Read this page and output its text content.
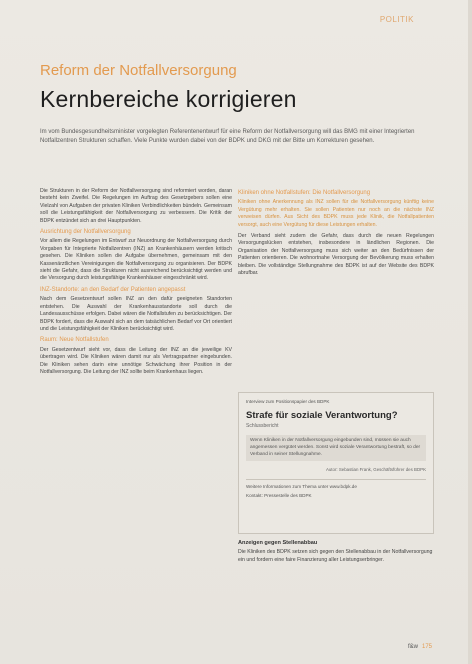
POLITIK
Reform der Notfallversorgung
Kernbereiche korrigieren

Im vom Bundesgesundheitsminister vorgelegten Referentenentwurf für eine Reform der Notfallversorgung will das BMG mit einer Integrierten Notfallzentren Strukturen schaffen. Viele Punkte wurden dabei von der BDPK und DKG mit der Bitte um Korrekturen gesehen.

Die Strukturen in der Reform der Notfallversorgung sind reformiert worden, daran besteht kein Zweifel. Die Regelungen im Auftrag des Gesetzgebers sollen eine Vielzahl von Aufgaben der privaten Kliniken Verbindlichkeiten bündeln. Gemeinsam soll die Leistungsfähigkeit der Notfallversorgung zu verbessern. Die Kritik der BDPK entzündet sich an drei Hauptpunkten.

Ausrichtung der Notfallversorgung

Vor allem die Regelungen im Entwurf zur Neuordnung der Notfallversorgung durch Vorgaben für Integrierte Notfallzentren (INZ) an Krankenhäusern werden kritisch gesehen. Die Kliniken sollen die Aufgabe übernehmen, gemeinsam mit den Kassenärztlichen Vereinigungen die Notfallversorgung zu organisieren. Der BDPK sieht die Gefahr, dass die Strukturen nicht ausreichend berücksichtigt werden und die Versorgung durch leistungsfähige Krankenhäuser eingeschränkt wird.

INZ-Standorte: an den Bedarf der Patienten angepasst

Nach dem Gesetzentwurf sollen INZ an den dafür geeigneten Standorten entstehen. Die Auswahl der Krankenhausstandorte soll durch die Landesausschüsse erfolgen. Dabei wären die Notfallstufen zu berücksichtigen. Der BDPK fordert, dass die Auswahl sich an dem tatsächlichen Bedarf vor Ort orientiert und die Leistungsfähigkeit der Kliniken berücksichtigt wird.

Raum: Neue Notfallstufen

Der Gesetzentwurf sieht vor, dass die Leitung der INZ an die jeweilige KV übertragen wird. Die Kliniken wären damit nur als Vertragspartner eingebunden. Die Kliniken sehen darin eine unnötige Schwächung ihrer Position in der Notfallversorgung. Die Leitung der INZ sollte beim Krankenhaus liegen.

Kliniken ohne Notfallstufen: Die Notfallversorgung

Kliniken ohne Anerkennung als INZ sollen für die Notfallversorgung künftig keine Vergütung mehr erhalten. Sie sollen Patienten nur noch an die nächste INZ verweisen dürfen. Aus Sicht des BDPK muss jede Klinik, die Notfallpatienten versorgt, auch eine Vergütung für diese Leistungen erhalten.

Der Verband sieht zudem die Gefahr, dass durch die neuen Regelungen Versorgungslücken entstehen, insbesondere in ländlichen Regionen. Die Organisation der Notfallversorgung muss sich weiter an den Bedürfnissen der Patienten orientieren. Die wohnortnahe Versorgung der Bevölkerung muss erhalten bleiben. Die vollständige Stellungnahme des BDPK ist auf der Website des BDPK abrufbar.

Interview zum Positionspapier des BDPK
Strafe für soziale Verantwortung?
Schlussbericht
Wenn Kliniken in der Notfallversorgung eingebunden sind, müssen sie auch angemessen vergütet werden. Sonst wird soziale Verantwortung bestraft, so der Verband in seiner Stellungnahme.
Autor: Sebastian Frank, Geschäftsführer des BDPK
Weitere Informationen zum Thema unter www.bdpk.de
Kontakt: Pressestelle des BDPK
Anzeigen gegen Stellenabbau

Die Kliniken des BDPK setzen sich gegen den Stellenabbau in der Notfallversorgung ein und fordern eine faire Finanzierung aller Leistungserbringer.

f&w 175
